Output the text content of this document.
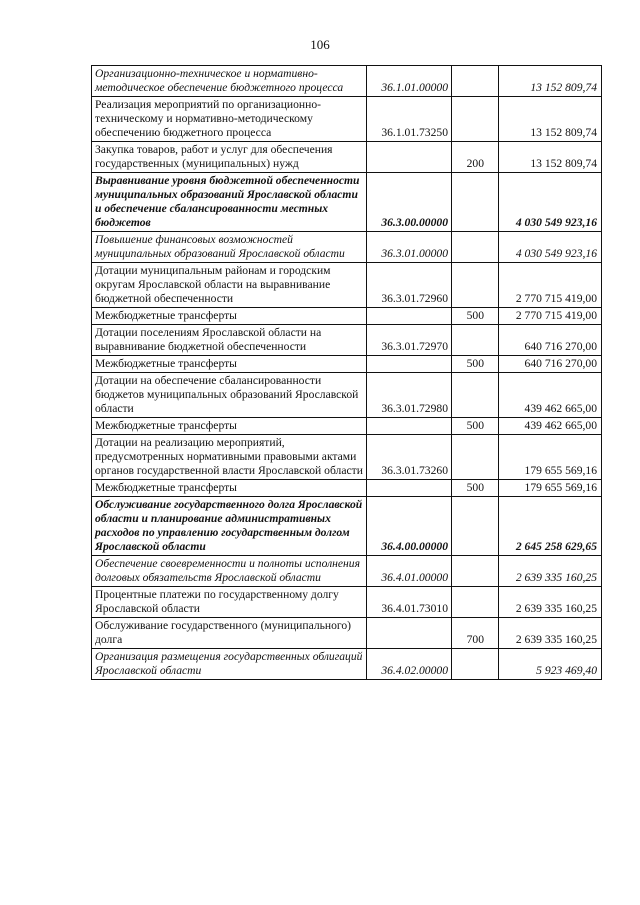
106
Организационно-техническое и нормативно-методическое обеспечение бюджетного процесса	36.1.01.00000		13 152 809,74
Реализация мероприятий по организационно-техническому и нормативно-методическому обеспечению бюджетного процесса	36.1.01.73250		13 152 809,74
Закупка товаров, работ и услуг для обеспечения государственных (муниципальных) нужд		200	13 152 809,74
Выравнивание уровня бюджетной обеспеченности муниципальных образований Ярославской области и обеспечение сбалансированности местных бюджетов	36.3.00.00000		4 030 549 923,16
Повышение финансовых возможностей муниципальных образований Ярославской области	36.3.01.00000		4 030 549 923,16
Дотации муниципальным районам и городским округам Ярославской области на выравнивание бюджетной обеспеченности	36.3.01.72960		2 770 715 419,00
Межбюджетные трансферты		500	2 770 715 419,00
Дотации поселениям Ярославской области на выравнивание бюджетной обеспеченности	36.3.01.72970		640 716 270,00
Межбюджетные трансферты		500	640 716 270,00
Дотации на обеспечение сбалансированности бюджетов муниципальных образований Ярославской области	36.3.01.72980		439 462 665,00
Межбюджетные трансферты		500	439 462 665,00
Дотации на реализацию мероприятий, предусмотренных нормативными правовыми актами органов государственной власти Ярославской области	36.3.01.73260		179 655 569,16
Межбюджетные трансферты		500	179 655 569,16
Обслуживание государственного долга Ярославской области и планирование административных расходов по управлению государственным долгом Ярославской области	36.4.00.00000		2 645 258 629,65
Обеспечение своевременности и полноты исполнения долговых обязательств Ярославской области	36.4.01.00000		2 639 335 160,25
Процентные платежи по государственному долгу Ярославской области	36.4.01.73010		2 639 335 160,25
Обслуживание государственного (муниципального) долга		700	2 639 335 160,25
Организация размещения государственных облигаций Ярославской области	36.4.02.00000		5 923 469,40
